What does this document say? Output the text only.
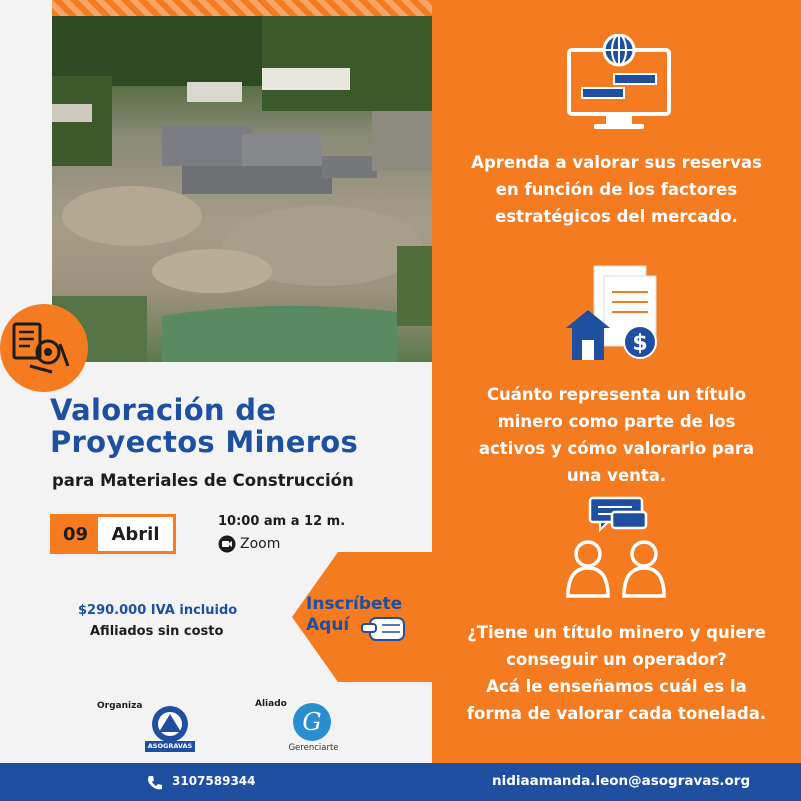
Valoración de
Proyectos Mineros

para Materiales de Construcción

09	Abril
10:00 am a 12 m.
Zoom
$290.000 IVA incluido
Afiliados sin costo
Inscríbete
Aquí
Organiza	Aliado
ASOGRAVAS
G
Gerenciarte

Aprenda a valorar sus reservas
en función de los factores
estratégicos del mercado.

$

Cuánto representa un título
minero como parte de los
activos y cómo valorarlo para
una venta.

¿Tiene un título minero y quiere
conseguir un operador?
Acá le enseñamos cuál es la
forma de valorar cada tonelada.

3107589344	nidiaamanda.leon@asogravas.org
